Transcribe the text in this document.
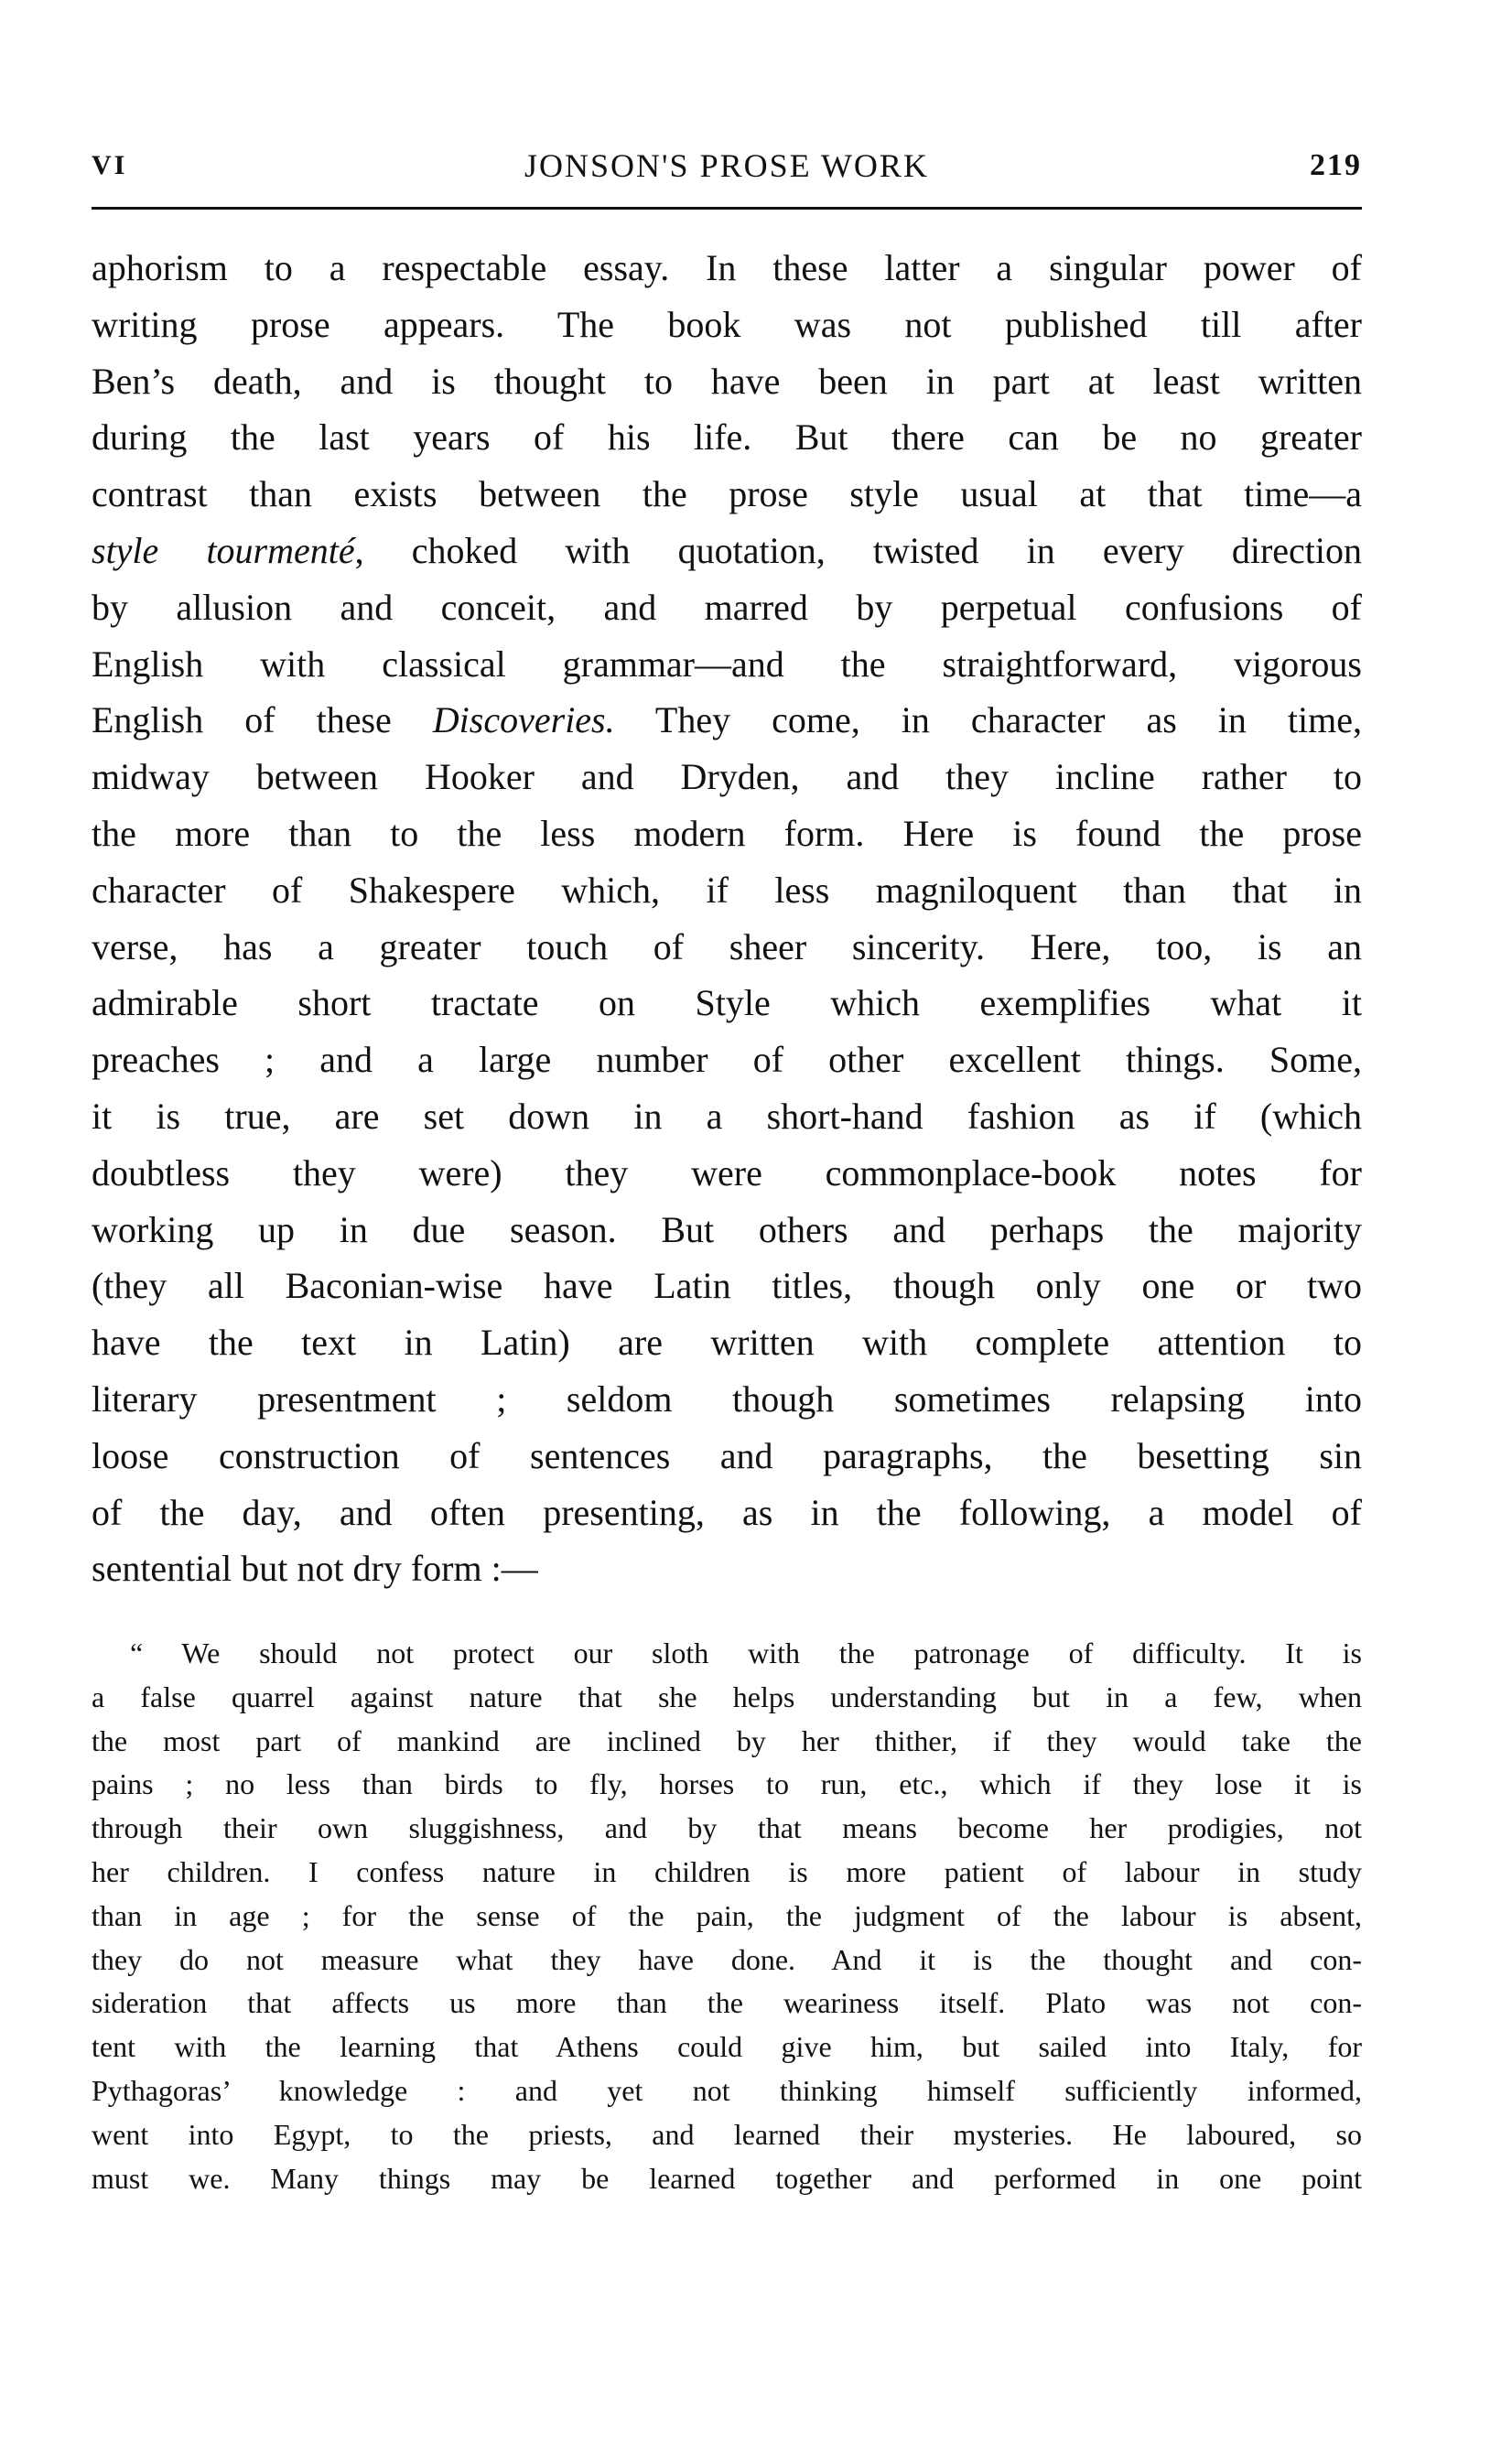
VI	JONSON'S PROSE WORK	219
aphorism to a respectable essay. In these latter a singular power of
writing prose appears. The book was not published till after
Ben’s death, and is thought to have been in part at least written
during the last years of his life. But there can be no greater
contrast than exists between the prose style usual at that time—a
style tourmenté, choked with quotation, twisted in every direction
by allusion and conceit, and marred by perpetual confusions of
English with classical grammar—and the straightforward, vigorous
English of these Discoveries. They come, in character as in time,
midway between Hooker and Dryden, and they incline rather to
the more than to the less modern form. Here is found the prose
character of Shakespere which, if less magniloquent than that in
verse, has a greater touch of sheer sincerity. Here, too, is an
admirable short tractate on Style which exemplifies what it
preaches ; and a large number of other excellent things. Some,
it is true, are set down in a short-hand fashion as if (which
doubtless they were) they were commonplace-book notes for
working up in due season. But others and perhaps the majority
(they all Baconian-wise have Latin titles, though only one or two
have the text in Latin) are written with complete attention to
literary presentment ; seldom though sometimes relapsing into
loose construction of sentences and paragraphs, the besetting sin
of the day, and often presenting, as in the following, a model of
sentential but not dry form :—
“ We should not protect our sloth with the patronage of difficulty. It is
a false quarrel against nature that she helps understanding but in a few, when
the most part of mankind are inclined by her thither, if they would take the
pains ; no less than birds to fly, horses to run, etc., which if they lose it is
through their own sluggishness, and by that means become her prodigies, not
her children. I confess nature in children is more patient of labour in study
than in age ; for the sense of the pain, the judgment of the labour is absent,
they do not measure what they have done. And it is the thought and con-
sideration that affects us more than the weariness itself. Plato was not con-
tent with the learning that Athens could give him, but sailed into Italy, for
Pythagoras’ knowledge : and yet not thinking himself sufficiently informed,
went into Egypt, to the priests, and learned their mysteries. He laboured, so
must we. Many things may be learned together and performed in one point
